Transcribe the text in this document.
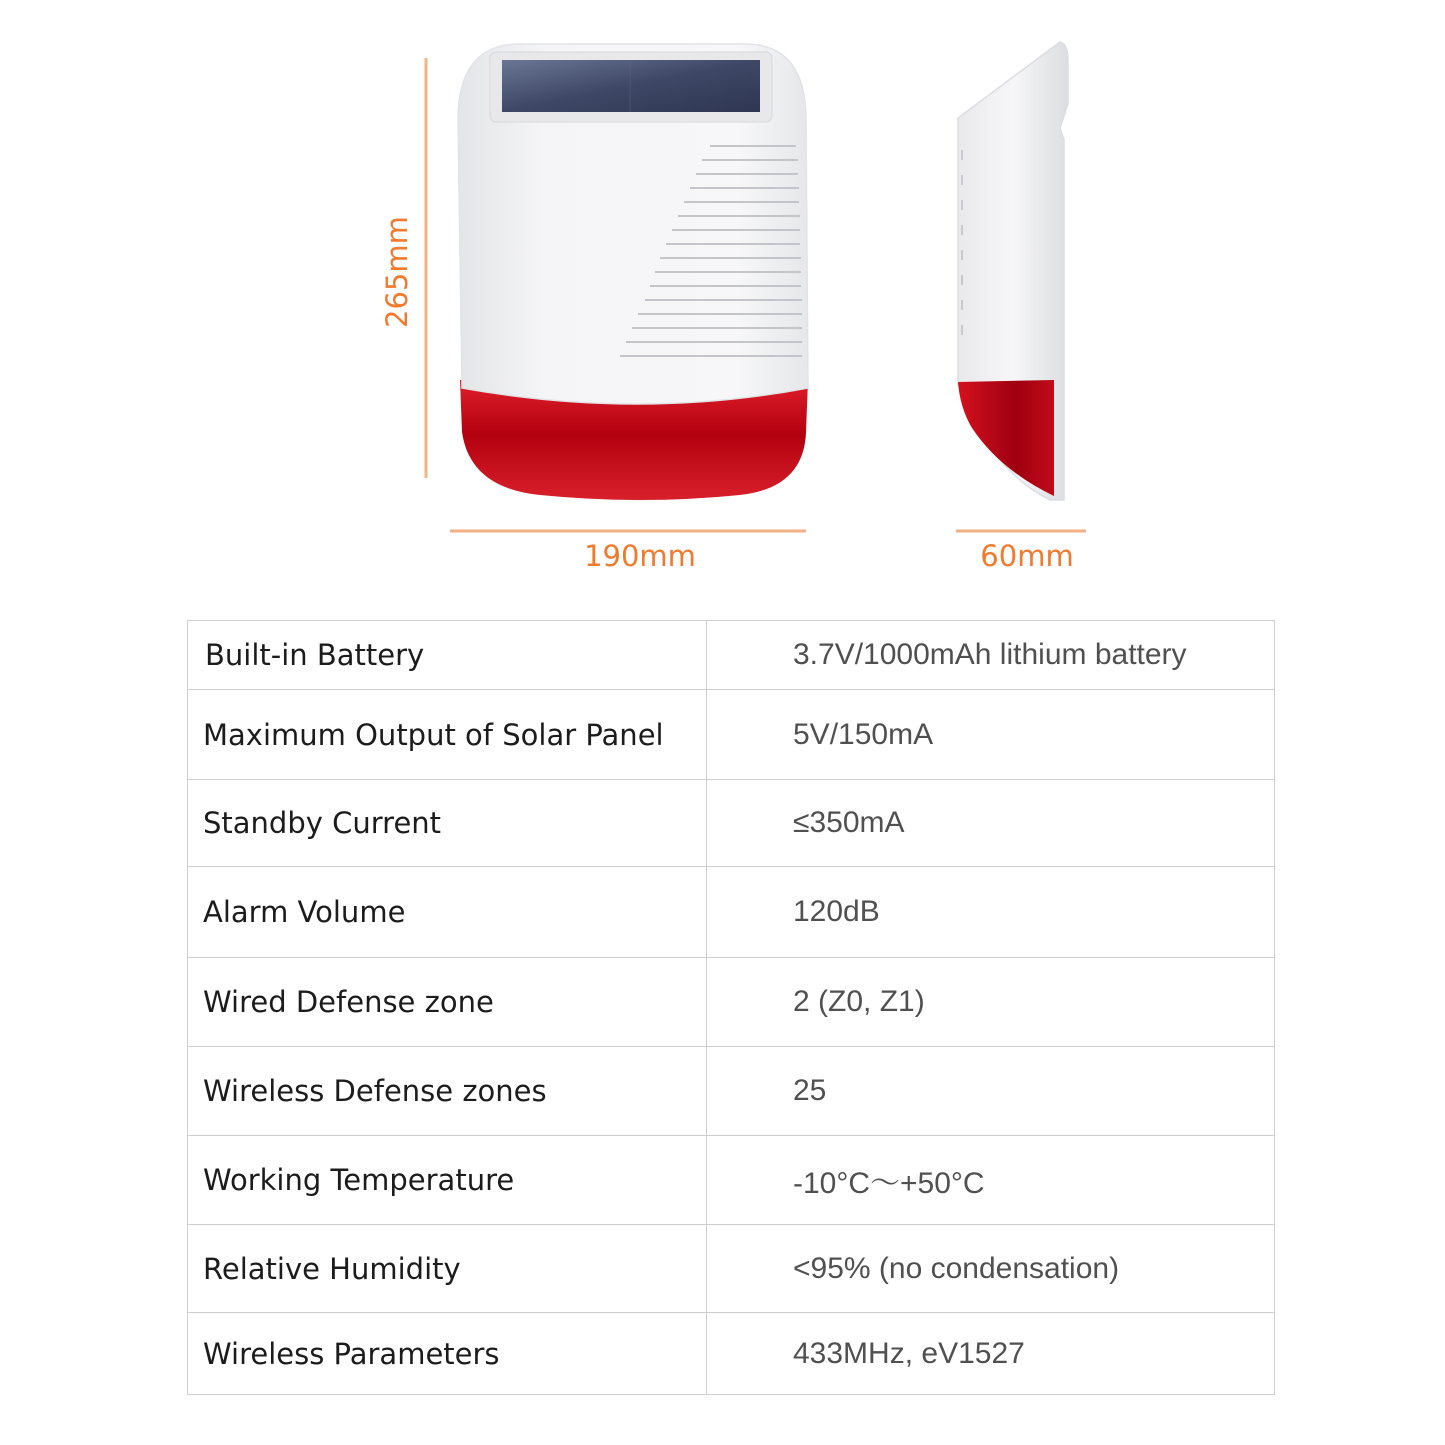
265mm
190mm	60mm
Built-in Battery	3.7V/1000mAh lithium battery
Maximum Output of Solar Panel	5V/150mA
Standby Current	≤350mA
Alarm Volume	120dB
Wired Defense zone	2 (Z0, Z1)
Wireless Defense zones	25
Working Temperature	-10°C～+50°C
Relative Humidity	<95% (no condensation)
Wireless Parameters	433MHz, eV1527
